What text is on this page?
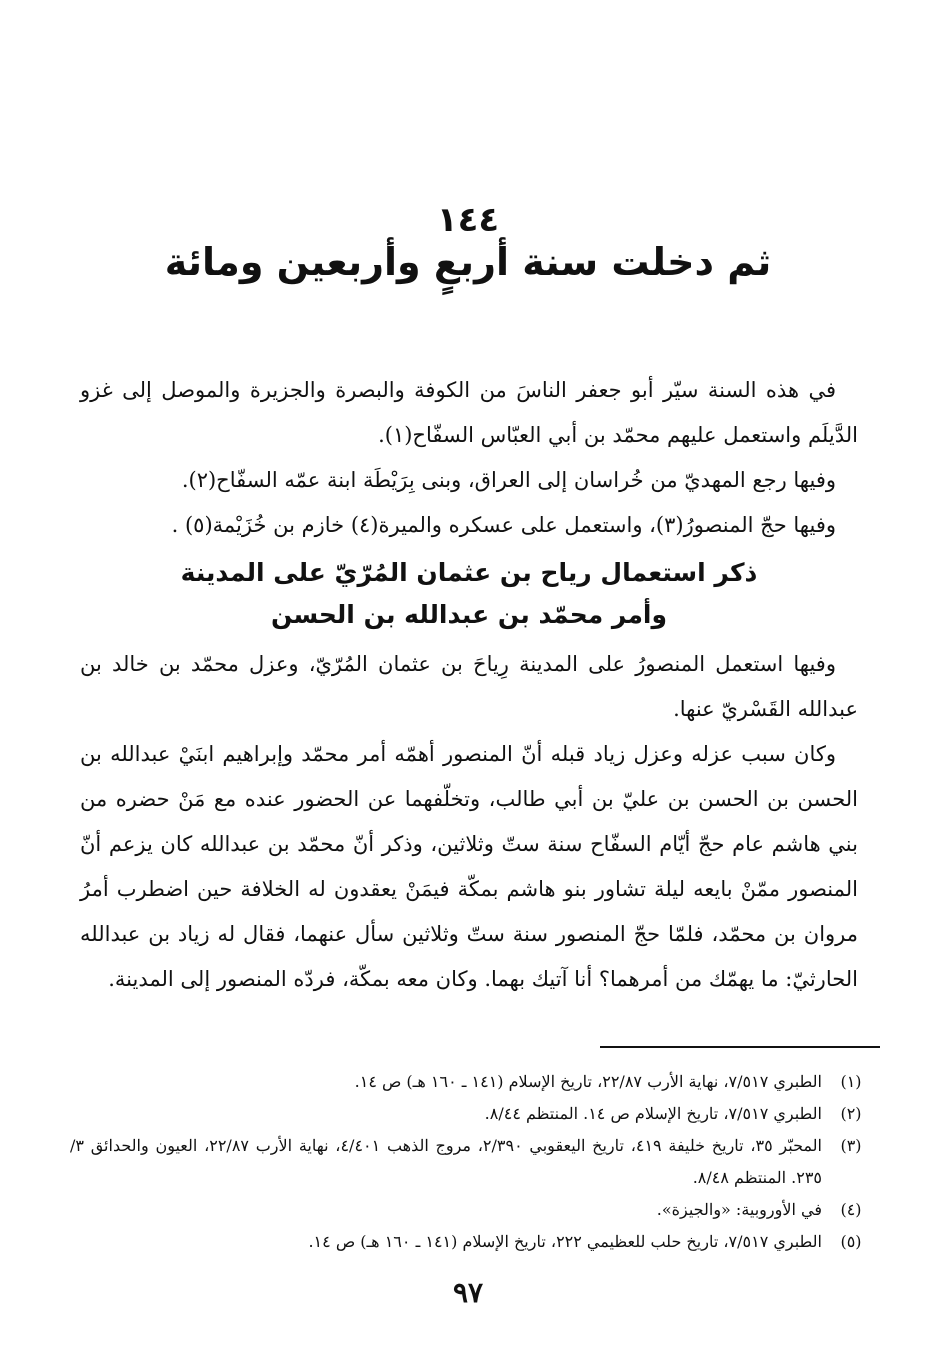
١٤٤
ثم دخلت سنة أربعٍ وأربعين ومائة

في هذه السنة سيّر أبو جعفر الناسَ من الكوفة والبصرة والجزيرة والموصل إلى غزو الدَّيلَم واستعمل عليهم محمّد بن أبي العبّاس السفّاح(١).

وفيها رجع المهديّ من خُراسان إلى العراق، وبنى بِرَيْطَة ابنة عمّه السفّاح(٢).

وفيها حجّ المنصورُ(٣)، واستعمل على عسكره والميرة(٤) خازم بن خُزَيْمة(٥) .

ذكر استعمال رياح بن عثمان المُرّيّ على المدينة
وأمر محمّد بن عبدالله بن الحسن

وفيها استعمل المنصورُ على المدينة رِياحَ بن عثمان المُرّيّ، وعزل محمّد بن خالد بن عبدالله القَسْريّ عنها.

وكان سبب عزله وعزل زياد قبله أنّ المنصور أهمّه أمر محمّد وإبراهيم ابنَيْ عبدالله بن الحسن بن الحسن بن عليّ بن أبي طالب، وتخلّفهما عن الحضور عنده مع مَنْ حضره من بني هاشم عام حجّ أيّام السفّاح سنة ستّ وثلاثين، وذكر أنّ محمّد بن عبدالله كان يزعم أنّ المنصور ممّنْ بايعه ليلة تشاور بنو هاشم بمكّة فيمَنْ يعقدون له الخلافة حين اضطرب أمرُ مروان بن محمّد، فلمّا حجّ المنصور سنة ستّ وثلاثين سأل عنهما، فقال له زياد بن عبدالله الحارثيّ: ما يهمّك من أمرهما؟ أنا آتيك بهما. وكان معه بمكّة، فردّه المنصور إلى المدينة.

(١)
الطبري ٧/٥١٧، نهاية الأرب ٢٢/٨٧، تاريخ الإسلام (١٤١ ـ ١٦٠ هـ) ص ١٤.
(٢)
الطبري ٧/٥١٧، تاريخ الإسلام ص ١٤. المنتظم ٨/٤٤.
(٣)
المحبّر ٣٥، تاريخ خليفة ٤١٩، تاريخ اليعقوبي ٢/٣٩٠، مروج الذهب ٤/٤٠١، نهاية الأرب ٢٢/٨٧، العيون والحدائق ٣/ ٢٣٥. المنتظم ٨/٤٨.
(٤)
في الأوروبية: «والجيزة».
(٥)
الطبري ٧/٥١٧، تاريخ حلب للعظيمي ٢٢٢، تاريخ الإسلام (١٤١ ـ ١٦٠ هـ) ص ١٤.
٩٧
